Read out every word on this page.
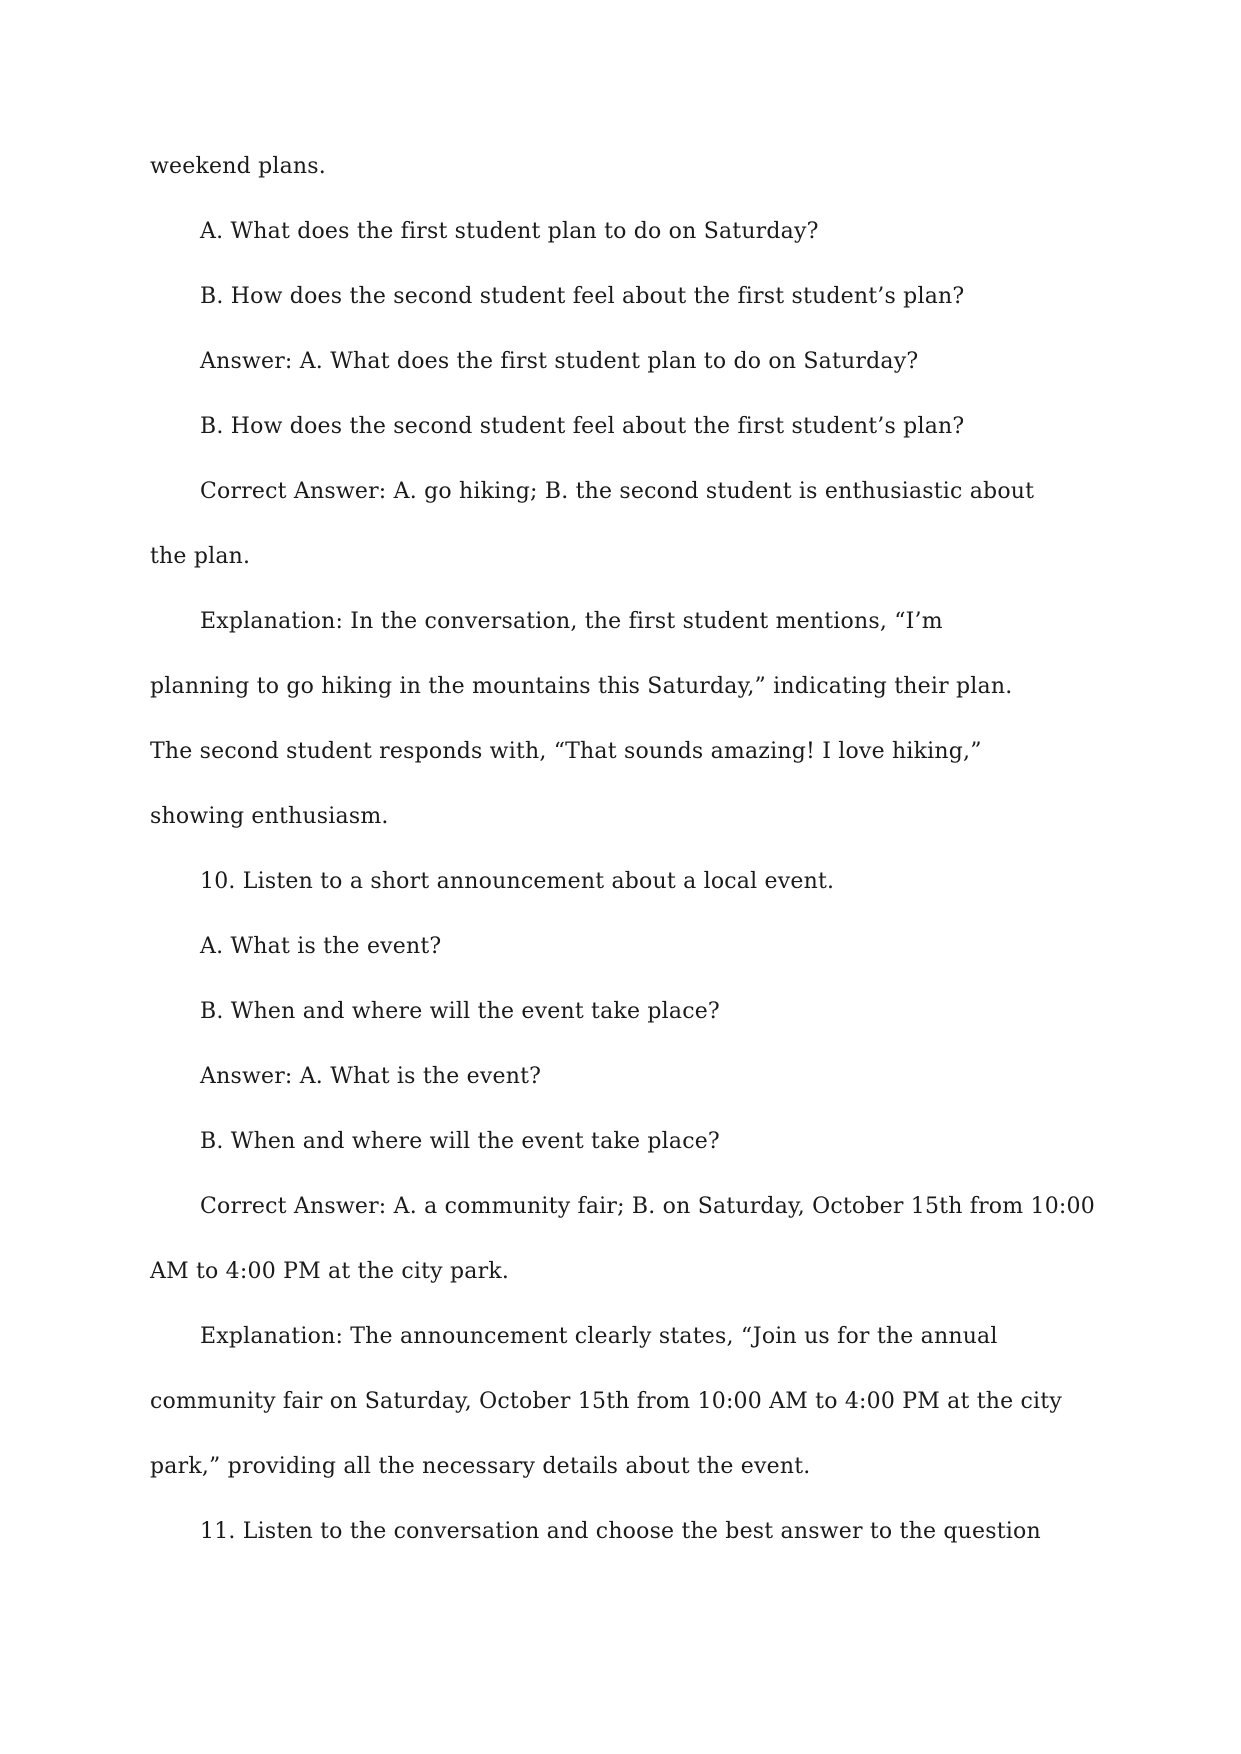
weekend plans.
A. What does the first student plan to do on Saturday?
B. How does the second student feel about the first student’s plan?
Answer: A. What does the first student plan to do on Saturday?
B. How does the second student feel about the first student’s plan?
Correct Answer: A. go hiking; B. the second student is enthusiastic about
the plan.
Explanation: In the conversation, the first student mentions, “I’m
planning to go hiking in the mountains this Saturday,” indicating their plan.
The second student responds with, “That sounds amazing! I love hiking,”
showing enthusiasm.
10. Listen to a short announcement about a local event.
A. What is the event?
B. When and where will the event take place?
Answer: A. What is the event?
B. When and where will the event take place?
Correct Answer: A. a community fair; B. on Saturday, October 15th from 10:00
AM to 4:00 PM at the city park.
Explanation: The announcement clearly states, “Join us for the annual
community fair on Saturday, October 15th from 10:00 AM to 4:00 PM at the city
park,” providing all the necessary details about the event.
11. Listen to the conversation and choose the best answer to the question
